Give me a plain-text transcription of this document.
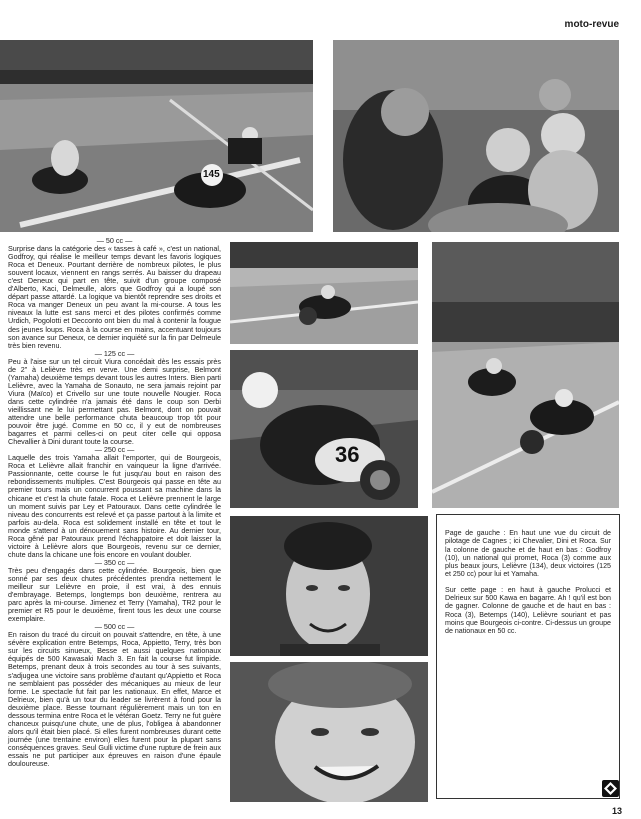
moto-revue
145
— 50 cc —

Surprise dans la catégorie des « tasses à café », c'est un national, Godfroy, qui réalise le meilleur temps devant les favoris logiques Roca et Deneux. Pourtant derrière de nombreux pilotes, le plus souvent locaux, viennent en rangs serrés. Au baisser du drapeau c'est Deneux qui part en tête, suivit d'un groupe composé d'Alberto, Kaci, Delmeulle, alors que Godfroy qui a loupé son départ passe attardé. La logique va bientôt reprendre ses droits et Roca va manger Deneux un peu avant la mi-course. A tous les niveaux la lutte est sans merci et des pilotes confirmés comme Urdich, Pogolotti et Decconto ont bien du mal à contenir la fougue des jeunes loups. Roca à la course en mains, accentuant toujours son avance sur Deneux, ce dernier inquiété sur la fin par Delmeule très bien revenu.

— 125 cc —

Peu à l'aise sur un tel circuit Viura concédait dès les essais près de 2" à Lelièvre très en verve. Une demi surprise, Belmont (Yamaha) deuxième temps devant tous les autres Inters. Bien parti Lelièvre, avec la Yamaha de Sonauto, ne sera jamais rejoint par Viura (Maïco) et Crivello sur une toute nouvelle Nougier. Roca dans cette cylindrée n'a jamais été dans le coup son Derbi vieillissant ne le lui permettant pas. Belmont, dont on pouvait attendre une belle performance chuta beaucoup trop tôt pour pouvoir être jugé. Comme en 50 cc, il y eut de nombreuses bagarres et parmi celles-ci on peut citer celle qui opposa Chevallier à Dini durant toute la course.

— 250 cc —

Laquelle des trois Yamaha allait l'emporter, qui de Bourgeois, Roca et Lelièvre allait franchir en vainqueur la ligne d'arrivée. Passionnante, cette course le fut jusqu'au bout en raison des rebondissements multiples. C'est Bourgeois qui passe en tête au premier tours mais un concurrent poussant sa machine dans la chicane et c'est la chute fatale. Roca et Lelièvre prennent le large un moment suivis par Ley et Patouraux. Dans cette cylindrée le niveau des concurrents est relevé et ça passe partout à la limite et parfois au-dela. Roca est solidement installé en tête et tout le monde s'attend à un dénouement sans histoire. Au dernier tour, Roca gêné par Patouraux prend l'échappatoire et doit laisser la victoire à Lelièvre alors que Bourgeois, revenu sur ce dernier, chute dans la chicane une fois encore en voulant doubler.

— 350 cc —

Très peu d'engagés dans cette cylindrée. Bourgeois, bien que sonné par ses deux chutes précédentes prendra nettement le meilleur sur Lelièvre en proie, il est vrai, à des ennuis d'embrayage. Betemps, longtemps bon deuxième, rentrera au parc après la mi-course. Jimenez et Terry (Yamaha), TR2 pour le premier et R5 pour le deuxième, firent tous les deux une course exemplaire.

— 500 cc —

En raison du tracé du circuit on pouvait s'attendre, en tête, à une sévère explication entre Betemps, Roca, Appietto, Terry, très bon sur les circuits sinueux, Besse et aussi quelques nationaux équipés de 500 Kawasaki Mach 3. En fait la course fut limpide. Betemps, prenant deux à trois secondes au tour à ses suivants, s'adjugea une victoire sans problème d'autant qu'Appietto et Roca ne semblaient pas posséder des mécaniques au mieux de leur forme. Le spectacle fut fait par les nationaux. En effet, Marce et Delrieux, bien qu'à un tour du leader se livrèrent à fond pour la deuxième place. Besse tournant régulièrement mais un ton en dessous termina entre Roca et le vétéran Goetz. Terry ne fut guère chanceux puisqu'une chute, une de plus, l'obligea à abandonner alors qu'il était bien placé. Si elles furent nombreuses durant cette journée (une trentaine environ) elles furent pour la plupart sans conséquences graves. Seul Gulli victime d'une rupture de frein aux essais ne put participer aux épreuves en raison d'une épaule douloureuse.

36

Page de gauche : En haut une vue du circuit de pilotage de Cagnes ; ici Chevalier, Dini et Roca. Sur la colonne de gauche et de haut en bas : Godfroy (10), un national qui promet, Roca (3) comme aux plus beaux jours, Lelièvre (134), deux victoires (125 et 250 cc) pour lui et Yamaha.

Sur cette page : en haut à gauche Prolucci et Delrieux sur 500 Kawa en bagarre. Ah ! qu'il est bon de gagner. Colonne de gauche et de haut en bas : Roca (3), Betemps (140), Lelièvre souriant et pas moins que Bourgeois ci-contre. Ci-dessus un groupe de nationaux en 50 cc.

13
